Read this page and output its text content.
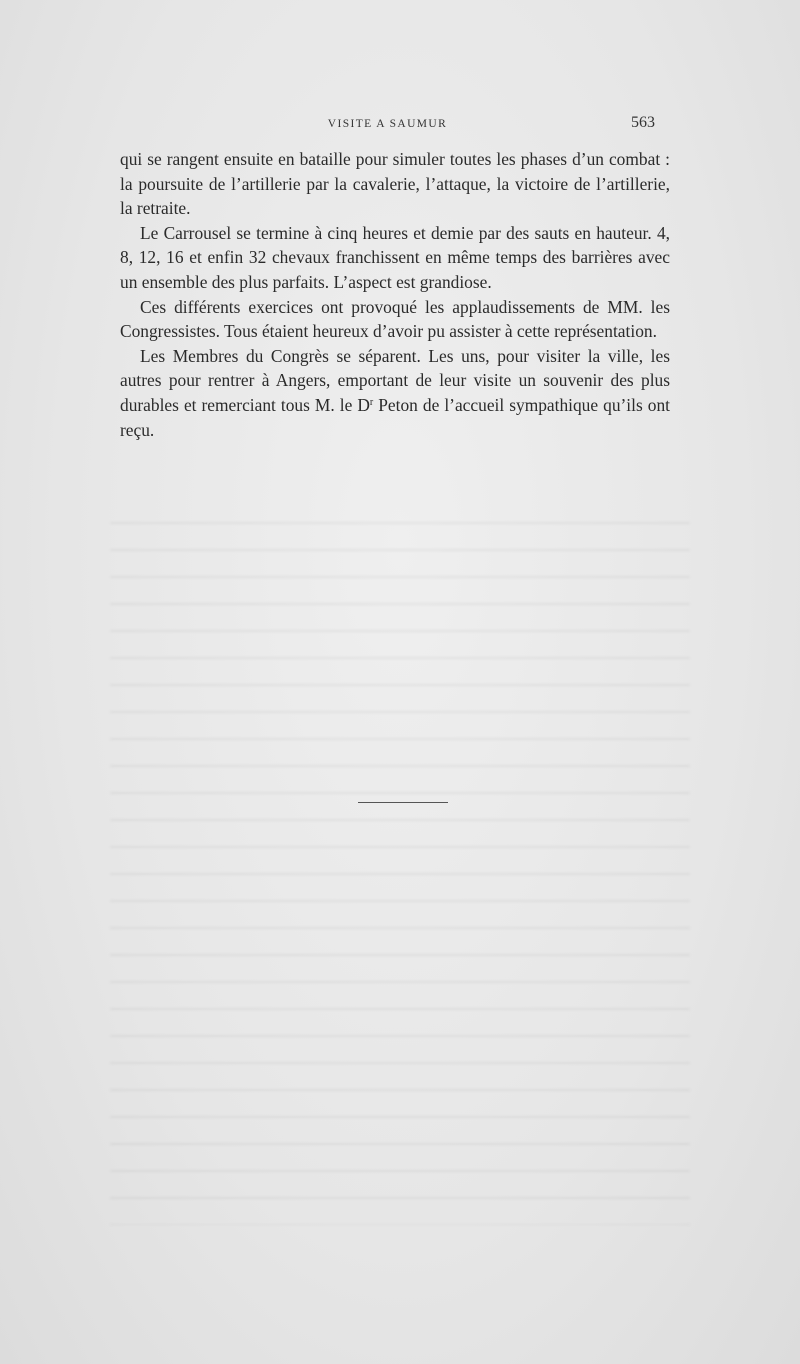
VISITE A SAUMUR	563

qui se rangent ensuite en bataille pour simuler toutes les phases d’un combat : la poursuite de l’artillerie par la cavalerie, l’attaque, la victoire de l’artillerie, la retraite.

Le Carrousel se termine à cinq heures et demie par des sauts en hauteur. 4, 8, 12, 16 et enfin 32 chevaux franchissent en même temps des barrières avec un ensemble des plus parfaits. L’aspect est grandiose.

Ces différents exercices ont provoqué les applaudissements de MM. les Congressistes. Tous étaient heureux d’avoir pu assister à cette représentation.

Les Membres du Congrès se séparent. Les uns, pour visiter la ville, les autres pour rentrer à Angers, emportant de leur visite un souvenir des plus durables et remerciant tous M. le $D^r$ Peton de l’accueil sympathique qu’ils ont reçu.
